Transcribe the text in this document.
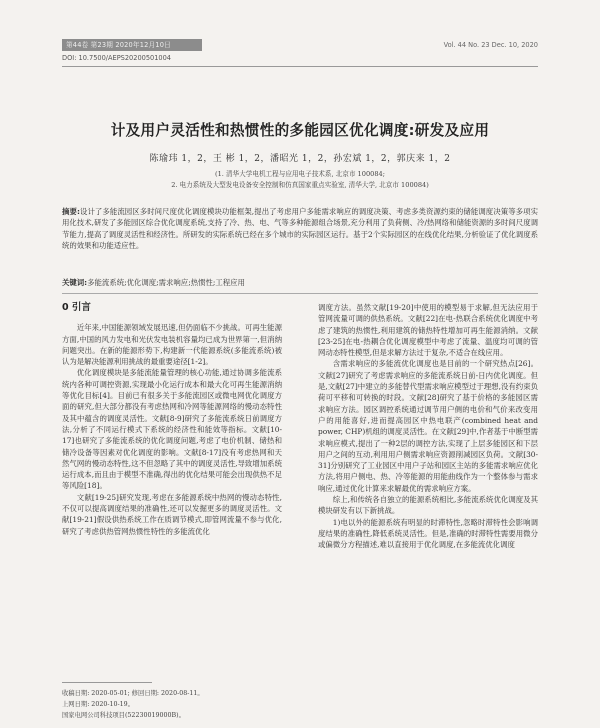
第44卷 第23期 2020年12月10日	Vol. 44 No. 23 Dec. 10, 2020
DOI: 10.7500/AEPS20200501004
计及用户灵活性和热惯性的多能园区优化调度:研发及应用
陈瑜玮 1，2，王 彬 1，2，潘昭光 1，2，孙宏斌 1，2，郭庆来 1，2
(1. 清华大学电机工程与应用电子技术系, 北京市 100084;
2. 电力系统及大型发电设备安全控制和仿真国家重点实验室, 清华大学, 北京市 100084)
摘要:设计了多能流园区多时间尺度优化调度模块功能框架,提出了考虑用户多能需求响应的调度决策、考虑多类资源约束的储能调度决策等多项实用化技术,研发了多能园区综合优化调度系统,支持了冷、热、电、气等多种能源组合场景,充分利用了负荷侧、冷/热网络和储能资源的多时间尺度调节能力,提高了调度灵活性和经济性。所研发的实际系统已经在多个城市的实际园区运行。基于2个实际园区的在线优化结果,分析验证了优化调度系统的效果和功能适应性。
关键词:多能流系统;优化调度;需求响应;热惯性;工程应用
0 引言

近年来,中国能源领域发展迅速,但仍面临不少挑战。可再生能源方面,中国的风力发电和光伏发电装机容量均已成为世界第一,但消纳问题突出。在新的能源形势下,构建新一代能源系统(多能流系统)被认为是解决能源利用挑战的最重要途径[1-2]。

优化调度模块是多能流能量管理的核心功能,通过协调多能流系统内各种可调控资源,实现最小化运行成本和最大化可再生能源消纳等优化目标[4]。目前已有很多关于多能流园区或微电网优化调度方面的研究,但大部分都没有考虑热网和冷网等能源网络的慢动态特性及其中蕴含的调度灵活性。文献[8-9]研究了多能流系统日前调度方法,分析了不同运行模式下系统的经济性和能效等指标。文献[10-17]也研究了多能流系统的优化调度问题,考虑了电价机制、储热和储冷设备等因素对优化调度的影响。文献[8-17]没有考虑热网和天然气网的慢动态特性,这不但忽略了其中的调度灵活性,导致增加系统运行成本,而且由于模型不准确,得出的优化结果可能会出现供热不足等风险[18]。

文献[19-25]研究发现,考虑在多能源系统中热网的慢动态特性,不仅可以提高调度结果的准确性,还可以发掘更多的调度灵活性。文献[19-21]假设供热系统工作在质调节模式,即管网流量不参与优化,研究了考虑供热管网热惯性特性的多能流优化

调度方法。虽然文献[19-20]中使用的模型易于求解,但无法应用于管网流量可调的供热系统。文献[22]在电-热联合系统优化调度中考虑了建筑的热惯性,利用建筑的储热特性增加可再生能源消纳。文献[23-25]在电-热耦合优化调度模型中考虑了流量、温度均可调的管网动态特性模型,但是求解方法过于复杂,不适合在线应用。

含需求响应的多能流优化调度也是目前的一个研究热点[26]。文献[27]研究了考虑需求响应的多能流系统日前-日内优化调度。但是,文献[27]中建立的多能替代型需求响应模型过于理想,没有约束负荷可平移和可转换的时段。文献[28]研究了基于价格的多能园区需求响应方法。园区调控系统通过调节用户侧的电价和气价来改变用户的用能喜好,进而提高园区中热电联产(combined heat and power, CHP)机组的调度灵活性。在文献[29]中,作者基于中断型需求响应模式,提出了一种2层的调控方法,实现了上层多能园区和下层用户之间的互动,利用用户侧需求响应资源削减园区负荷。文献[30-31]分别研究了工业园区中用户子站和园区主站的多能需求响应优化方法,将用户侧电、热、冷等能源的用能曲线作为一个整体参与需求响应,通过优化计算来求解最优的需求响应方案。

综上,和传统各自独立的能源系统相比,多能流系统优化调度及其模块研发有以下新挑战。

1)电以外的能源系统有明显的时滞特性,忽略时滞特性会影响调度结果的准确性,降低系统灵活性。但是,准确的时滞特性需要用微分或偏微分方程描述,难以直接用于优化调度,在多能流优化调度

收稿日期: 2020-05-01; 修回日期: 2020-08-11。
上网日期: 2020-10-19。
国家电网公司科技项目(52230019000B)。
